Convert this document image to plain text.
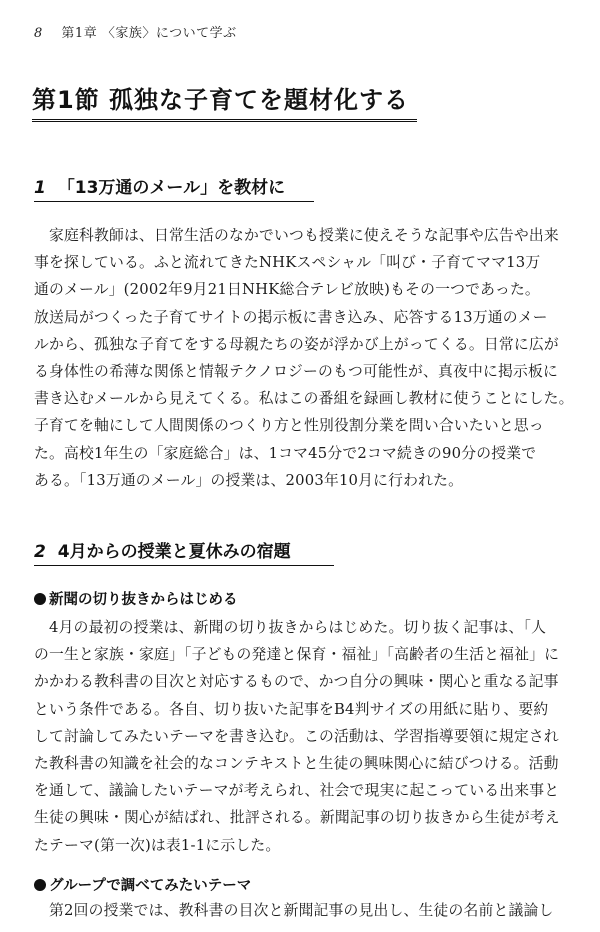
8 第1章 〈家族〉について学ぶ
第1節 孤独な子育てを題材化する
1 「13万通のメール」を教材に
　家庭科教師は、日常生活のなかでいつも授業に使えそうな記事や広告や出来
事を探している。ふと流れてきたNHKスペシャル「叫び・子育てママ13万
通のメール」(2002年9月21日NHK総合テレビ放映)もその一つであった。
放送局がつくった子育てサイトの掲示板に書き込み、応答する13万通のメー
ルから、孤独な子育てをする母親たちの姿が浮かび上がってくる。日常に広が
る身体性の希薄な関係と情報テクノロジーのもつ可能性が、真夜中に掲示板に
書き込むメールから見えてくる。私はこの番組を録画し教材に使うことにした。
子育てを軸にして人間関係のつくり方と性別役割分業を問い合いたいと思っ
た。高校1年生の「家庭総合」は、1コマ45分で2コマ続きの90分の授業で
ある。「13万通のメール」の授業は、2003年10月に行われた。
2 4月からの授業と夏休みの宿題
新聞の切り抜きからはじめる
　4月の最初の授業は、新聞の切り抜きからはじめた。切り抜く記事は、「人
の一生と家族・家庭」「子どもの発達と保育・福祉」「高齢者の生活と福祉」に
かかわる教科書の目次と対応するもので、かつ自分の興味・関心と重なる記事
という条件である。各自、切り抜いた記事をB4判サイズの用紙に貼り、要約
して討論してみたいテーマを書き込む。この活動は、学習指導要領に規定され
た教科書の知識を社会的なコンテキストと生徒の興味関心に結びつける。活動
を通して、議論したいテーマが考えられ、社会で現実に起こっている出来事と
生徒の興味・関心が結ばれ、批評される。新聞記事の切り抜きから生徒が考え
たテーマ(第一次)は表1-1に示した。
グループで調べてみたいテーマ
　第2回の授業では、教科書の目次と新聞記事の見出し、生徒の名前と議論し
